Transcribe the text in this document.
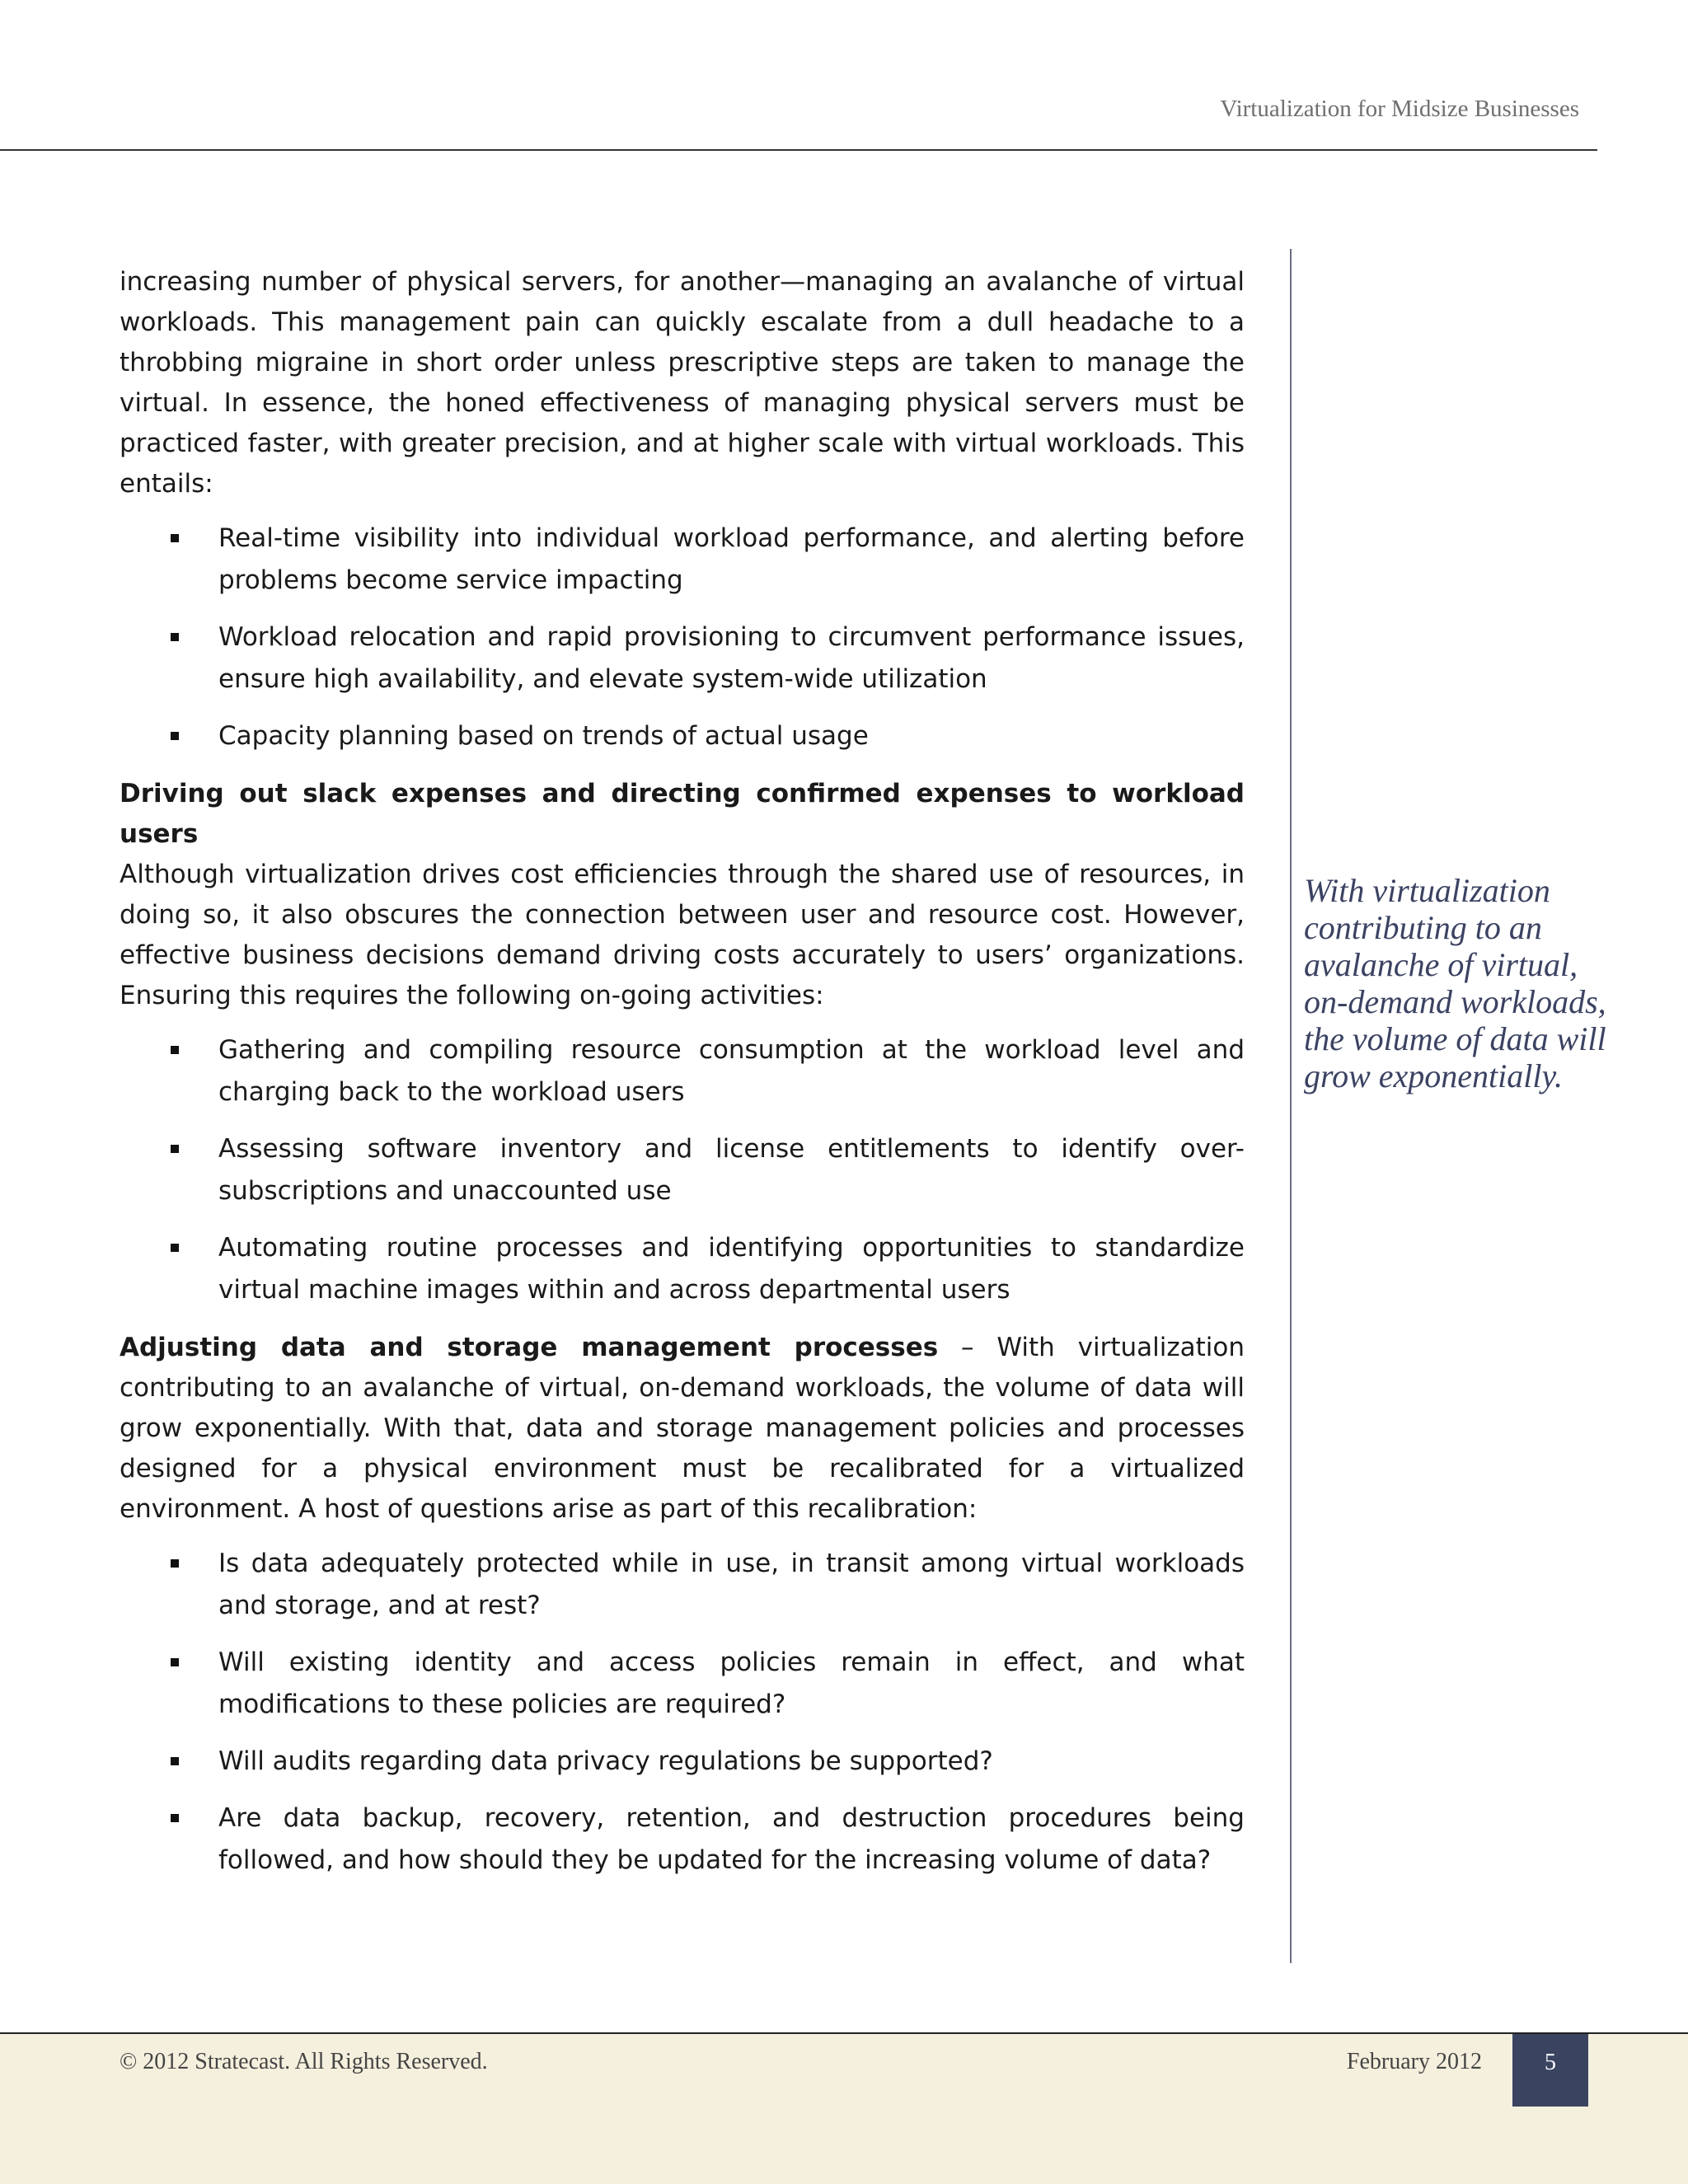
Virtualization for Midsize Businesses

increasing number of physical servers, for another—managing an avalanche of virtual workloads. This management pain can quickly escalate from a dull headache to a throbbing migraine in short order unless prescriptive steps are taken to manage the virtual. In essence, the honed effectiveness of managing physical servers must be practiced faster, with greater precision, and at higher scale with virtual workloads. This entails:

Real-time visibility into individual workload performance, and alerting before problems become service impacting
Workload relocation and rapid provisioning to circumvent performance issues, ensure high availability, and elevate system-wide utilization
Capacity planning based on trends of actual usage

Driving out slack expenses and directing confirmed expenses to workload users
Although virtualization drives cost efficiencies through the shared use of resources, in doing so, it also obscures the connection between user and resource cost. However, effective business decisions demand driving costs accurately to users’ organizations. Ensuring this requires the following on-going activities:

Gathering and compiling resource consumption at the workload level and charging back to the workload users
Assessing software inventory and license entitlements to identify over-subscriptions and unaccounted use
Automating routine processes and identifying opportunities to standardize virtual machine images within and across departmental users

Adjusting data and storage management processes – With virtualization contributing to an avalanche of virtual, on-demand workloads, the volume of data will grow exponentially. With that, data and storage management policies and processes designed for a physical environment must be recalibrated for a virtualized environment. A host of questions arise as part of this recalibration:

Is data adequately protected while in use, in transit among virtual workloads and storage, and at rest?
Will existing identity and access policies remain in effect, and what modifications to these policies are required?
Will audits regarding data privacy regulations be supported?
Are data backup, recovery, retention, and destruction procedures being followed, and how should they be updated for the increasing volume of data?
With virtualization contributing to an avalanche of virtual, on-demand workloads, the volume of data will grow exponentially.
© 2012 Stratecast. All Rights Reserved.	February 2012	5
